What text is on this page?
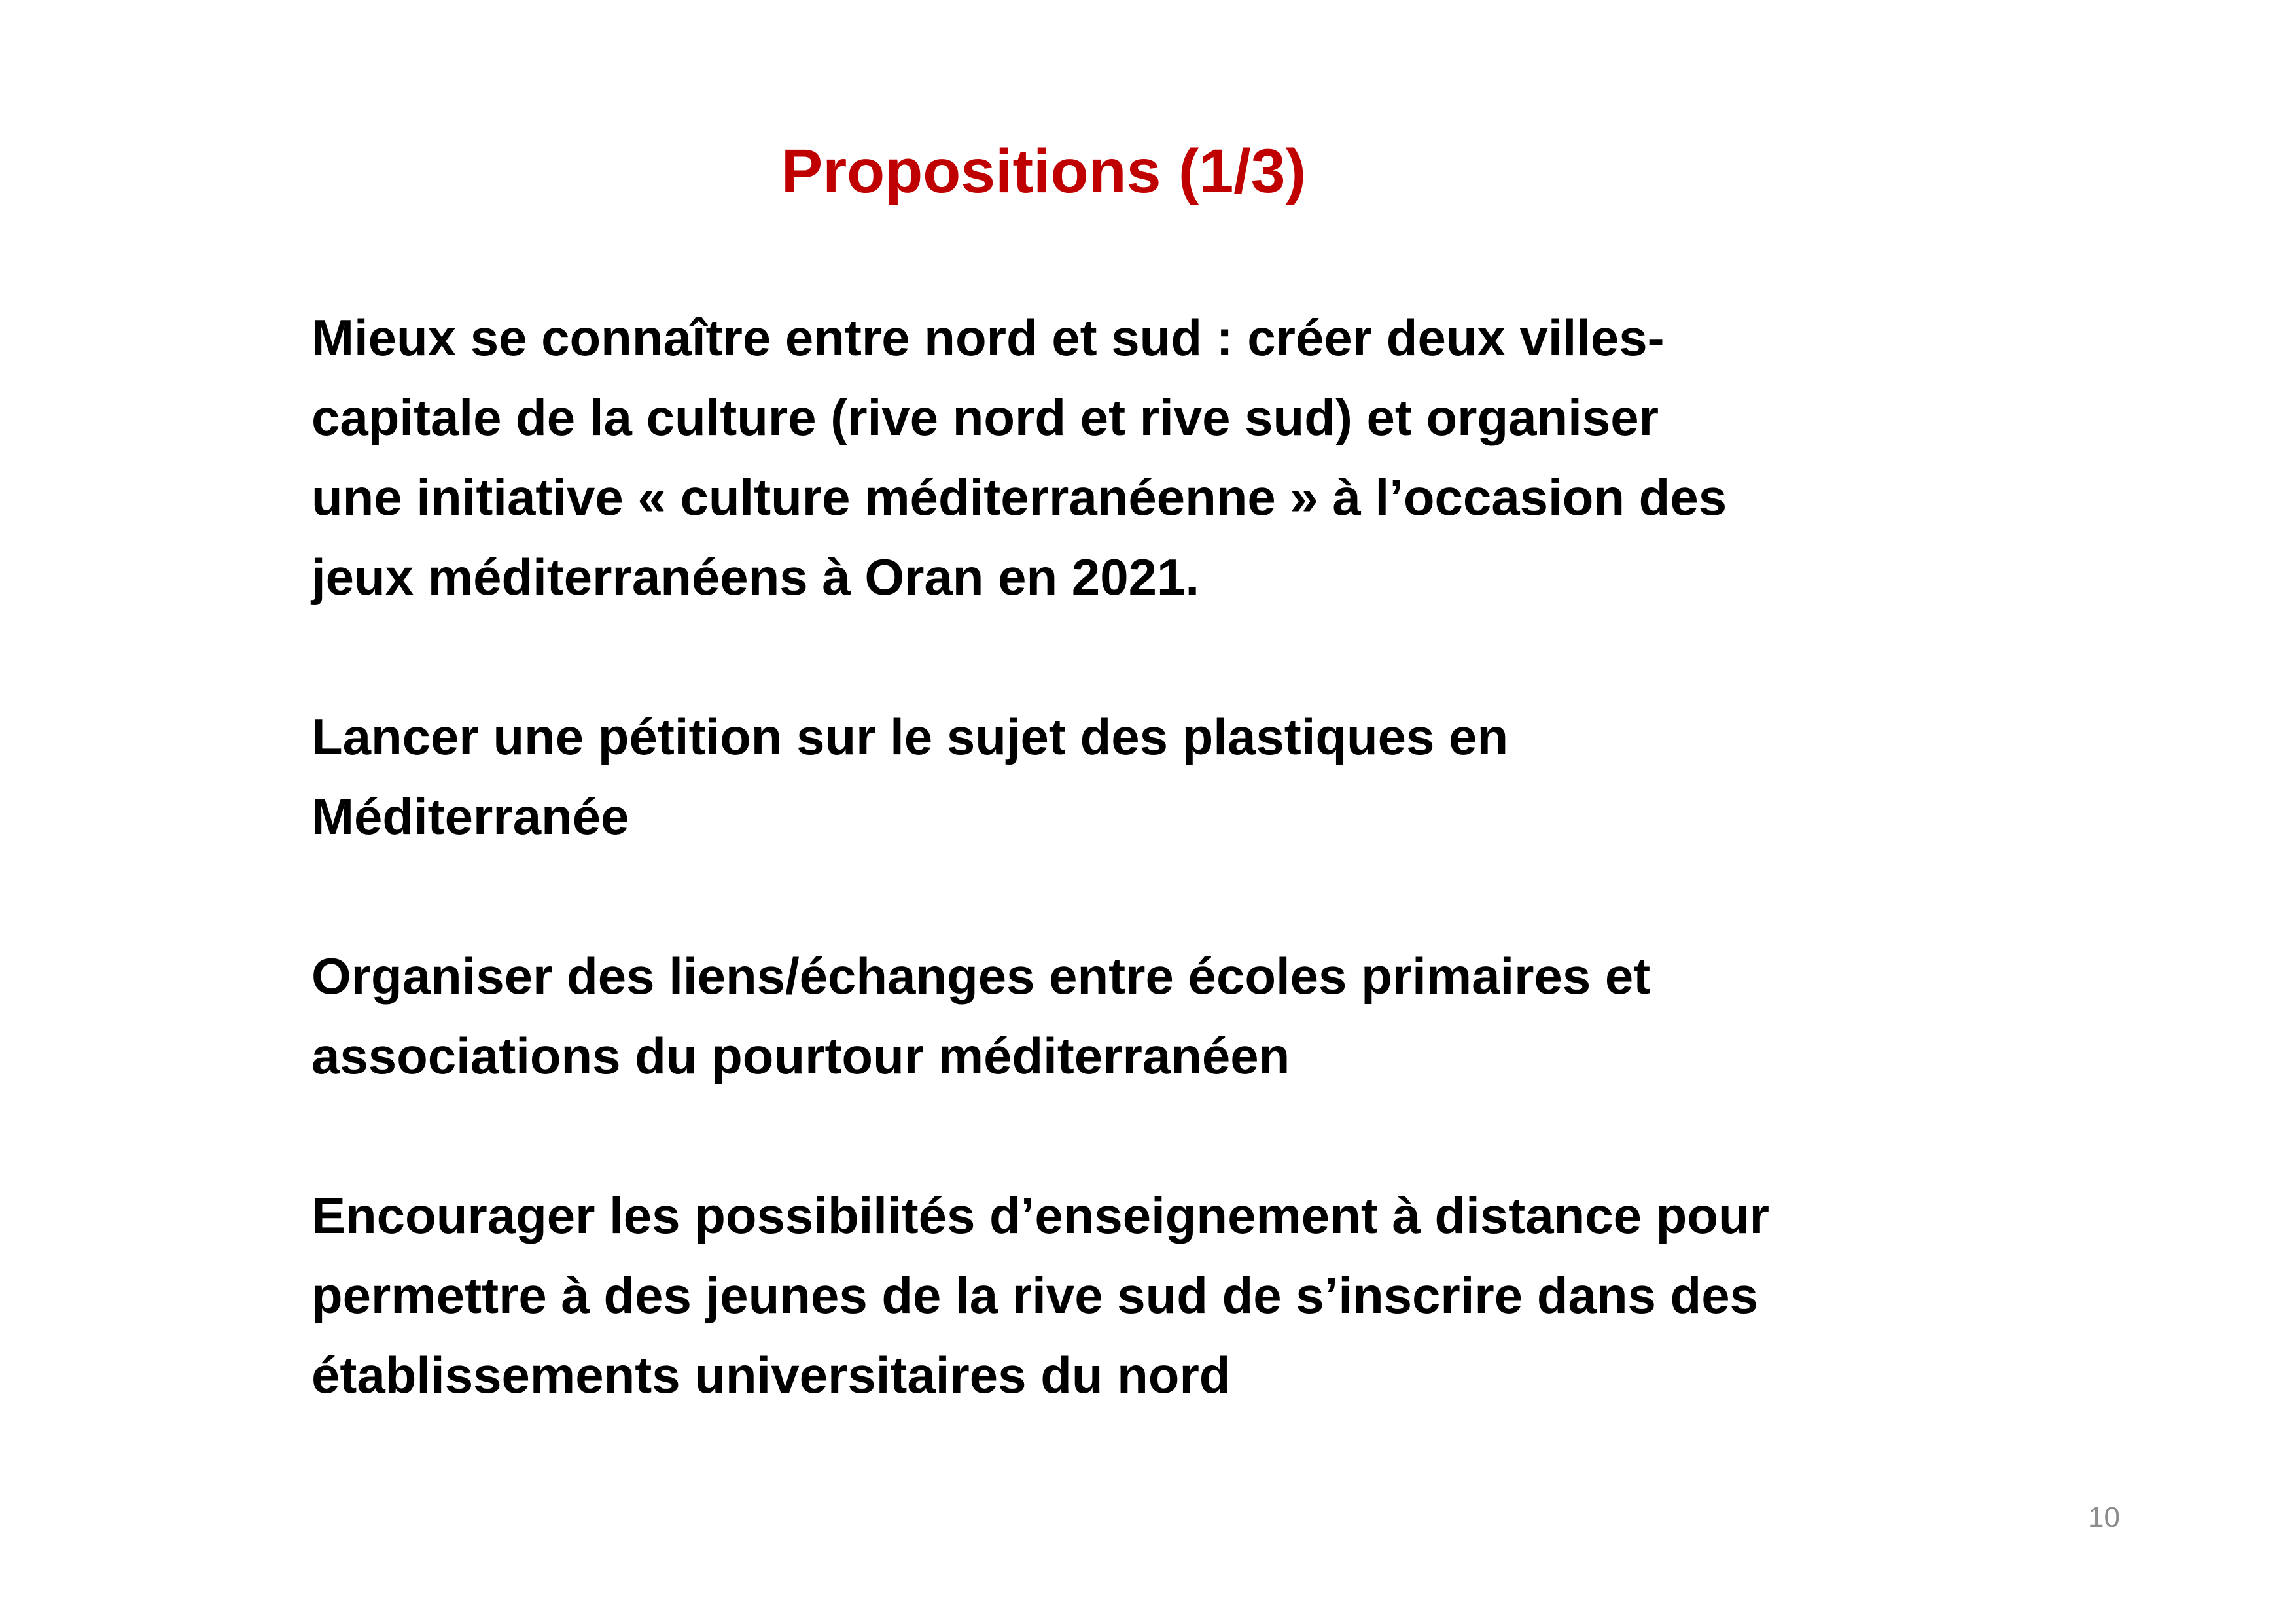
Propositions (1/3)

Mieux se connaître entre nord et sud : créer deux villes-
capitale de la culture (rive nord et rive sud) et organiser
une initiative « culture méditerranéenne » à l’occasion des
jeux méditerranéens à Oran en 2021.

Lancer une pétition sur le sujet des plastiques en
Méditerranée

Organiser des liens/échanges entre écoles primaires et
associations du pourtour méditerranéen

Encourager les possibilités d’enseignement à distance pour
permettre à des jeunes de la rive sud de s’inscrire dans des
établissements universitaires du nord

10
